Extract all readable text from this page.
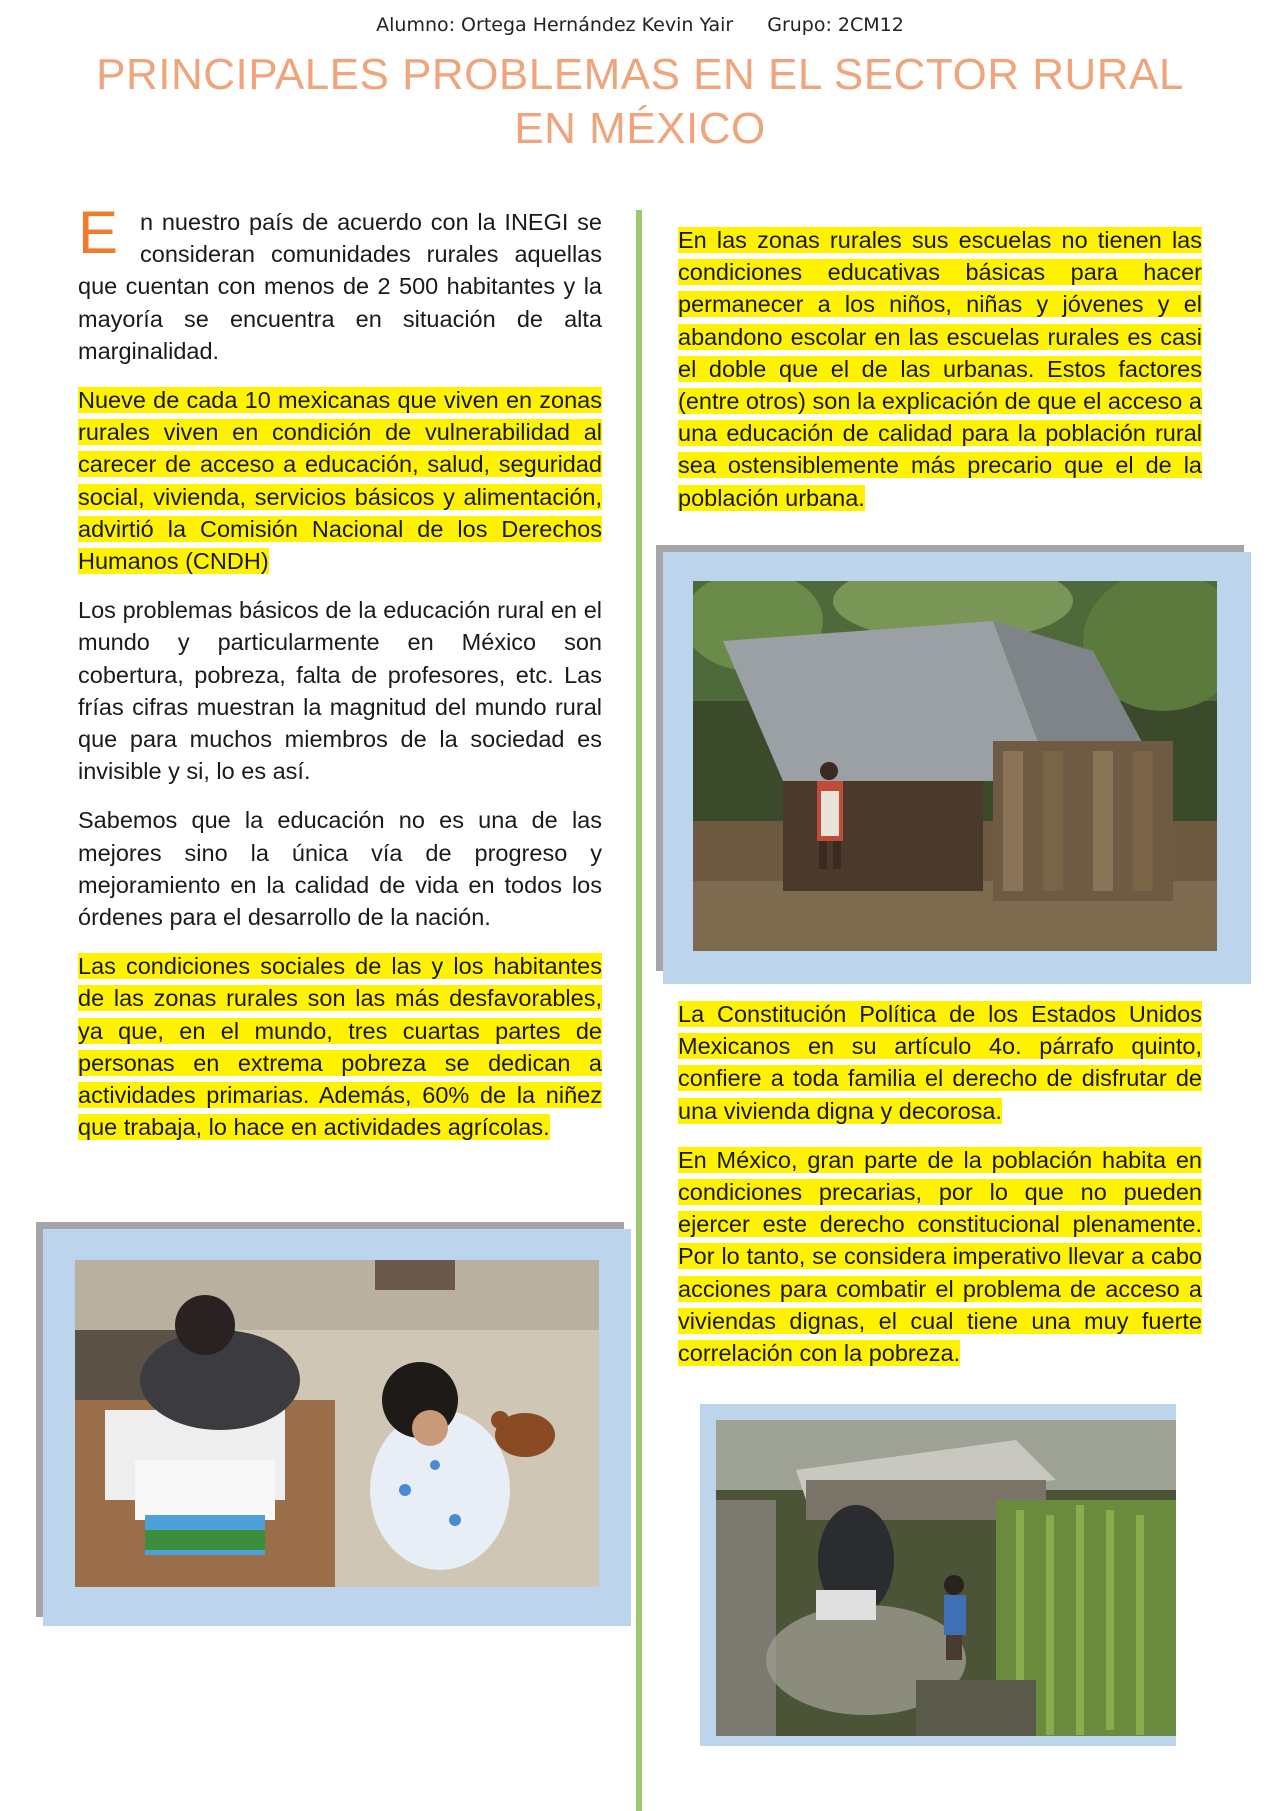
Alumno: Ortega Hernández Kevin Yair Grupo: 2CM12
PRINCIPALES PROBLEMAS EN EL SECTOR RURAL EN MÉXICO

En nuestro país de acuerdo con la INEGI se consideran comunidades rurales aquellas que cuentan con menos de 2 500 habitantes y la mayoría se encuentra en situación de alta marginalidad.

Nueve de cada 10 mexicanas que viven en zonas rurales viven en condición de vulnerabilidad al carecer de acceso a educación, salud, seguridad social, vivienda, servicios básicos y alimentación, advirtió la Comisión Nacional de los Derechos Humanos (CNDH)

Los problemas básicos de la educación rural en el mundo y particularmente en México son cobertura, pobreza, falta de profesores, etc. Las frías cifras muestran la magnitud del mundo rural que para muchos miembros de la sociedad es invisible y si, lo es así.

Sabemos que la educación no es una de las mejores sino la única vía de progreso y mejoramiento en la calidad de vida en todos los órdenes para el desarrollo de la nación.

Las condiciones sociales de las y los habitantes de las zonas rurales son las más desfavorables, ya que, en el mundo, tres cuartas partes de personas en extrema pobreza se dedican a actividades primarias. Además, 60% de la niñez que trabaja, lo hace en actividades agrícolas.

En las zonas rurales sus escuelas no tienen las condiciones educativas básicas para hacer permanecer a los niños, niñas y jóvenes y el abandono escolar en las escuelas rurales es casi el doble que el de las urbanas. Estos factores (entre otros) son la explicación de que el acceso a una educación de calidad para la población rural sea ostensiblemente más precario que el de la población urbana.

La Constitución Política de los Estados Unidos Mexicanos en su artículo 4o. párrafo quinto, confiere a toda familia el derecho de disfrutar de una vivienda digna y decorosa.

En México, gran parte de la población habita en condiciones precarias, por lo que no pueden ejercer este derecho constitucional plenamente. Por lo tanto, se considera imperativo llevar a cabo acciones para combatir el problema de acceso a viviendas dignas, el cual tiene una muy fuerte correlación con la pobreza.
